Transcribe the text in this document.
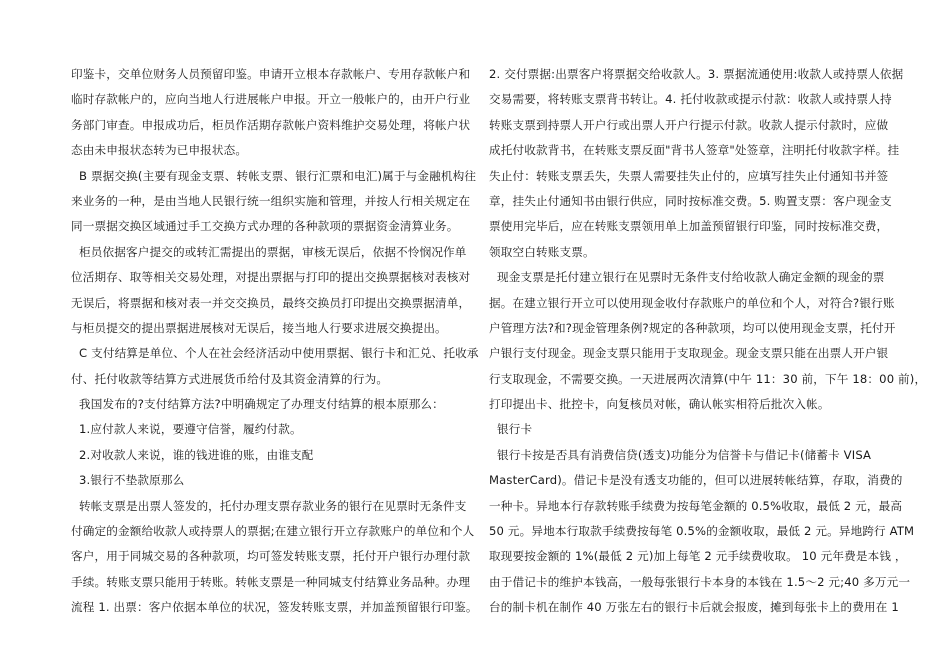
印鉴卡，交单位财务人员预留印鉴。申请开立根本存款帐户、专用存款帐户和
临时存款帐户的，应向当地人行进展帐户申报。开立一般帐户的，由开户行业
务部门审查。申报成功后，柜员作活期存款帐户资料维护交易处理，将帐户状
态由未申报状态转为已申报状态。
B 票据交换(主要有现金支票、转帐支票、银行汇票和电汇)属于与金融机构往
来业务的一种，是由当地人民银行统一组织实施和管理，并按人行相关规定在
同一票据交换区域通过手工交换方式办理的各种款项的票据资金清算业务。
柜员依据客户提交的或转汇需提出的票据，审核无误后，依据不怜悯况作单
位活期存、取等相关交易处理，对提出票据与打印的提出交换票据核对表核对
无误后，将票据和核对表一并交交换员，最终交换员打印提出交换票据清单，
与柜员提交的提出票据进展核对无误后，接当地人行要求进展交换提出。
C 支付结算是单位、个人在社会经济活动中使用票据、银行卡和汇兑、托收承
付、托付收款等结算方式进展货币给付及其资金清算的行为。
我国发布的?支付结算方法?中明确规定了办理支付结算的根本原那么：
1.应付款人来说，要遵守信誉，履约付款。
2.对收款人来说，谁的钱进谁的账，由谁支配
3.银行不垫款原那么
转帐支票是出票人签发的，托付办理支票存款业务的银行在见票时无条件支
付确定的金额给收款人或持票人的票据;在建立银行开立存款账户的单位和个人
客户，用于同城交易的各种款项，均可签发转账支票，托付开户银行办理付款
手续。转账支票只能用于转账。转帐支票是一种同城支付结算业务品种。办理
流程 1. 出票：客户依据本单位的状况，签发转账支票，并加盖预留银行印鉴。
2. 交付票据:出票客户将票据交给收款人。3. 票据流通使用:收款人或持票人依据
交易需要，将转账支票背书转让。4. 托付收款或提示付款：收款人或持票人持
转账支票到持票人开户行或出票人开户行提示付款。收款人提示付款时，应做
成托付收款背书，在转账支票反面"背书人签章"处签章，注明托付收款字样。挂
失止付：转账支票丢失，失票人需要挂失止付的，应填写挂失止付通知书并签
章，挂失止付通知书由银行供应，同时按标准交费。5. 购置支票：客户现金支
票使用完毕后，应在转账支票领用单上加盖预留银行印鉴，同时按标准交费，
领取空白转账支票。
现金支票是托付建立银行在见票时无条件支付给收款人确定金额的现金的票
据。在建立银行开立可以使用现金收付存款账户的单位和个人，对符合?银行账
户管理方法?和?现金管理条例?规定的各种款项，均可以使用现金支票，托付开
户银行支付现金。现金支票只能用于支取现金。现金支票只能在出票人开户银
行支取现金，不需要交换。一天进展两次清算(中午 11：30 前，下午 18：00 前)，
打印提出卡、批控卡，向复核员对帐，确认帐实相符后批次入帐。
银行卡
银行卡按是否具有消费信贷(透支)功能分为信誉卡与借记卡(储蓄卡 VISA
MasterCard)。借记卡是没有透支功能的，但可以进展转帐结算，存取，消费的
一种卡。异地本行存款转账手续费为按每笔金额的 0.5%收取，最低 2 元，最高
50 元。异地本行取款手续费按每笔 0.5%的金额收取，最低 2 元。异地跨行 ATM
取现要按金额的 1%(最低 2 元)加上每笔 2 元手续费收取。 10 元年费是本钱 ，
由于借记卡的维护本钱高，一般每张银行卡本身的本钱在 1.5～2 元;40 多万元一
台的制卡机在制作 40 万张左右的银行卡后就会报废，摊到每张卡上的费用在 1
